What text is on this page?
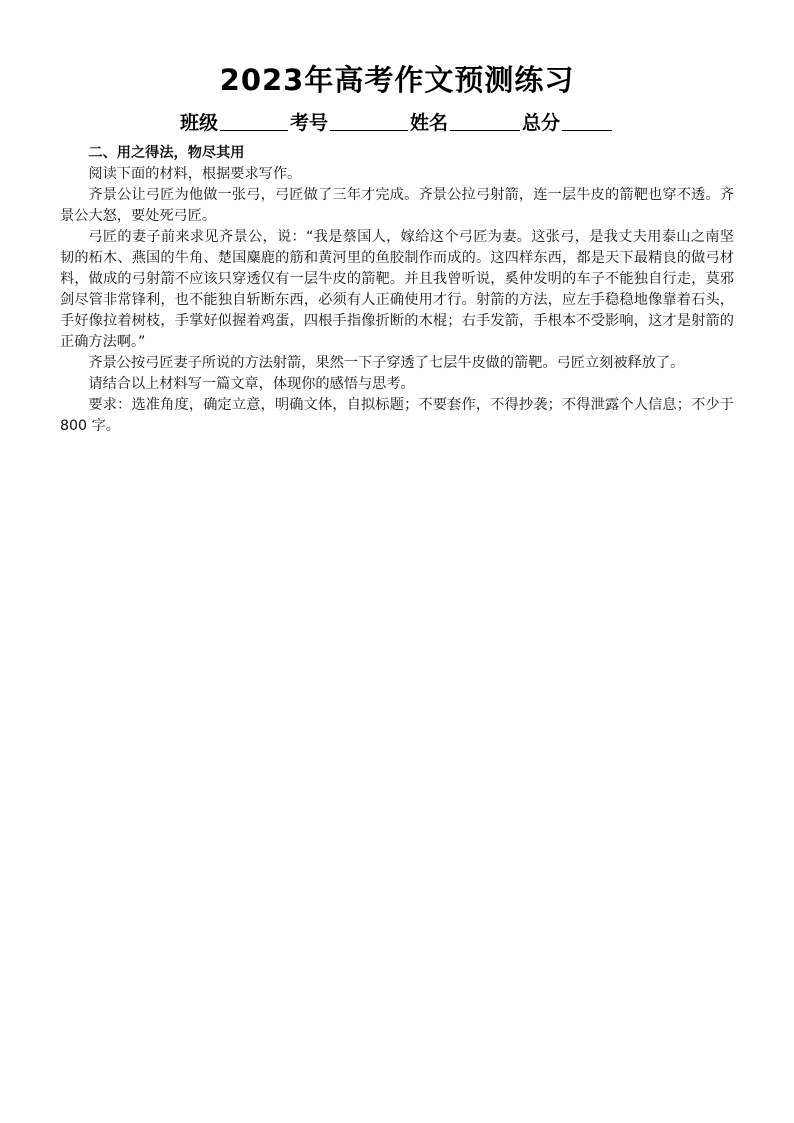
2023年高考作文预测练习
班级	考号	姓名	总分

二、用之得法，物尽其用

阅读下面的材料，根据要求写作。

齐景公让弓匠为他做一张弓，弓匠做了三年才完成。齐景公拉弓射箭，连一层牛皮的箭靶也穿不透。齐景公大怒，要处死弓匠。

弓匠的妻子前来求见齐景公，说：“我是蔡国人，嫁给这个弓匠为妻。这张弓，是我丈夫用泰山之南坚韧的柘木、燕国的牛角、楚国麋鹿的筋和黄河里的鱼胶制作而成的。这四样东西，都是天下最精良的做弓材料，做成的弓射箭不应该只穿透仅有一层牛皮的箭靶。并且我曾听说，奚仲发明的车子不能独自行走，莫邪剑尽管非常锋利，也不能独自斩断东西，必须有人正确使用才行。射箭的方法，应左手稳稳地像靠着石头，手好像拉着树枝，手掌好似握着鸡蛋，四根手指像折断的木棍；右手发箭，手根本不受影响，这才是射箭的正确方法啊。”

齐景公按弓匠妻子所说的方法射箭，果然一下子穿透了七层牛皮做的箭靶。弓匠立刻被释放了。

请结合以上材料写一篇文章，体现你的感悟与思考。

要求：选准角度，确定立意，明确文体，自拟标题；不要套作，不得抄袭；不得泄露个人信息；不少于 800 字。
